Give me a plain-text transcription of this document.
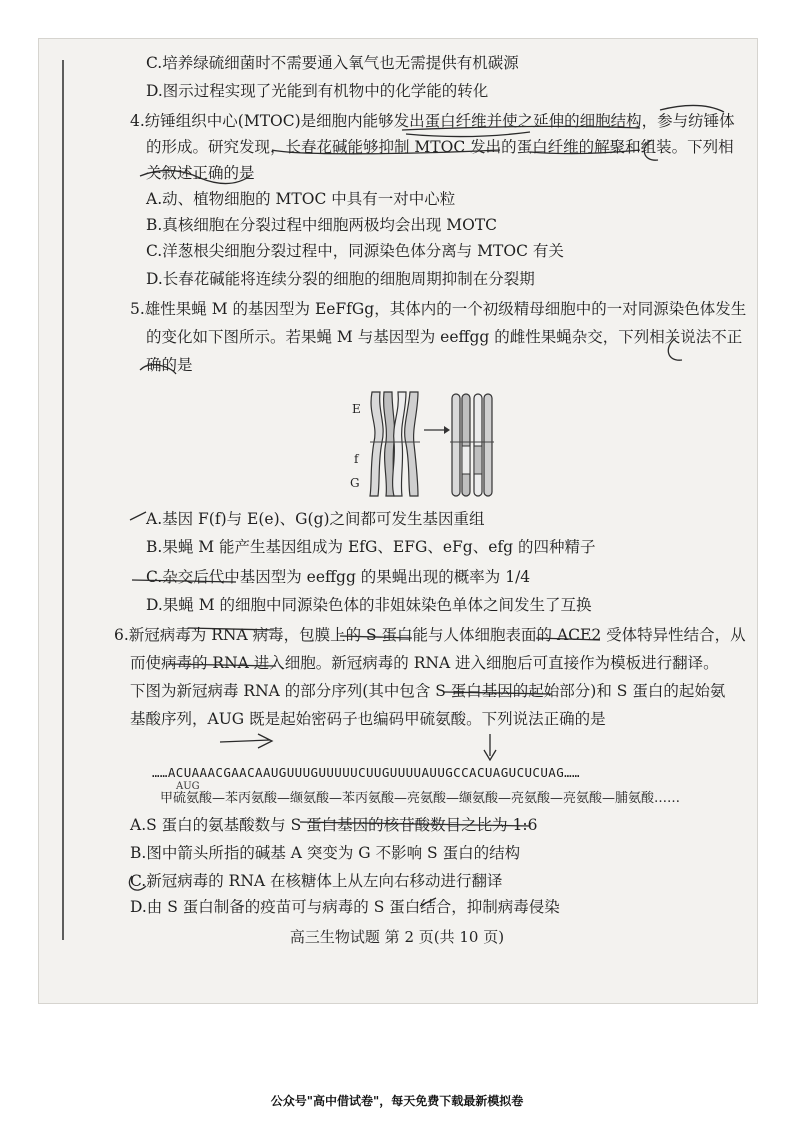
C.培养绿硫细菌时不需要通入氧气也无需提供有机碳源
D.图示过程实现了光能到有机物中的化学能的转化
4.纺锤组织中心(MTOC)是细胞内能够发出蛋白纤维并使之延伸的细胞结构，参与纺锤体
的形成。研究发现，长春花碱能够抑制 MTOC 发出的蛋白纤维的解聚和组装。下列相
关叙述正确的是
A.动、植物细胞的 MTOC 中具有一对中心粒
B.真核细胞在分裂过程中细胞两极均会出现 MOTC
C.洋葱根尖细胞分裂过程中，同源染色体分离与 MTOC 有关
D.长春花碱能将连续分裂的细胞的细胞周期抑制在分裂期
5.雄性果蝇 M 的基因型为 EeFfGg，其体内的一个初级精母细胞中的一对同源染色体发生
的变化如下图所示。若果蝇 M 与基因型为 eeffgg 的雌性果蝇杂交，下列相关说法不正
确的是
E
f
G
A.基因 F(f)与 E(e)、G(g)之间都可发生基因重组
B.果蝇 M 能产生基因组成为 EfG、EFG、eFg、efg 的四种精子
C.杂交后代中基因型为 eeffgg 的果蝇出现的概率为 1/4
D.果蝇 M 的细胞中同源染色体的非姐妹染色单体之间发生了互换
6.新冠病毒为 RNA 病毒，包膜上的 S 蛋白能与人体细胞表面的 ACE2 受体特异性结合，从
而使病毒的 RNA 进入细胞。新冠病毒的 RNA 进入细胞后可直接作为模板进行翻译。
下图为新冠病毒 RNA 的部分序列(其中包含 S 蛋白基因的起始部分)和 S 蛋白的起始氨
基酸序列，AUG 既是起始密码子也编码甲硫氨酸。下列说法正确的是
……ACUAAACGAACAAUGUUUGUUUUUCUUGUUUUAUUGCCACUAGUCUCUAG……
甲硫氨酸—苯丙氨酸—缬氨酸—苯丙氨酸—亮氨酸—缬氨酸—亮氨酸—亮氨酸—脯氨酸……
A.S 蛋白的氨基酸数与 S 蛋白基因的核苷酸数目之比为 1:6
B.图中箭头所指的碱基 A 突变为 G 不影响 S 蛋白的结构
C.新冠病毒的 RNA 在核糖体上从左向右移动进行翻译
D.由 S 蛋白制备的疫苗可与病毒的 S 蛋白结合，抑制病毒侵染
AUG
高三生物试题 第 2 页(共 10 页)
公众号"高中借试卷"，每天免费下载最新模拟卷
